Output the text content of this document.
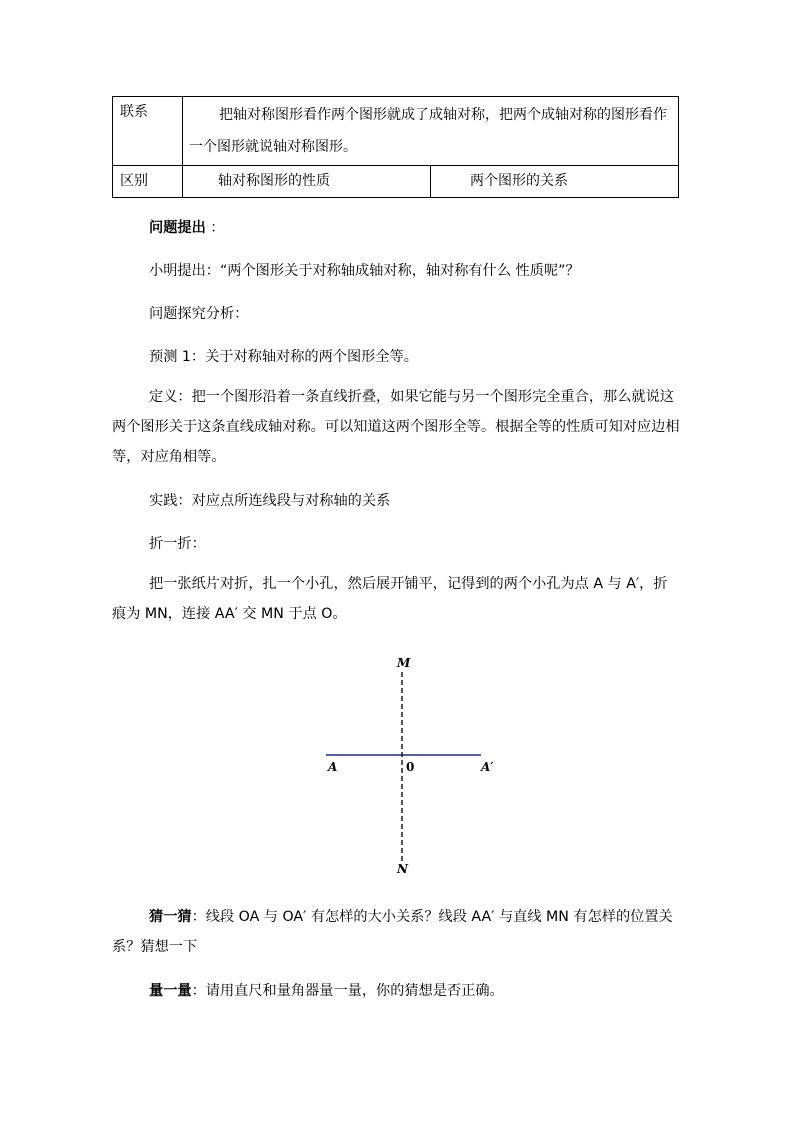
联系	把轴对称图形看作两个图形就成了成轴对称，把两个成轴对称的图形看作一个图形就说轴对称图形。	
区别	轴对称图形的性质	两个图形的关系

问题提出 ：

小明提出：“两个图形关于对称轴成轴对称，轴对称有什么 性质呢”？

问题探究分析：

预测 1：关于对称轴对称的两个图形全等。

定义：把一个图形沿着一条直线折叠，如果它能与另一个图形完全重合，那么就说这两个图形关于这条直线成轴对称。可以知道这两个图形全等。根据全等的性质可知对应边相等，对应角相等。

实践：对应点所连线段与对称轴的关系

折一折：

把一张纸片对折，扎一个小孔，然后展开铺平，记得到的两个小孔为点 A 与 A′，折痕为 MN，连接 AA′ 交 MN 于点 O。

M
N
A	0	A′

猜一猜：线段 OA 与 OA′ 有怎样的大小关系？线段 AA′ 与直线 MN 有怎样的位置关系？猜想一下

量一量：请用直尺和量角器量一量，你的猜想是否正确。
